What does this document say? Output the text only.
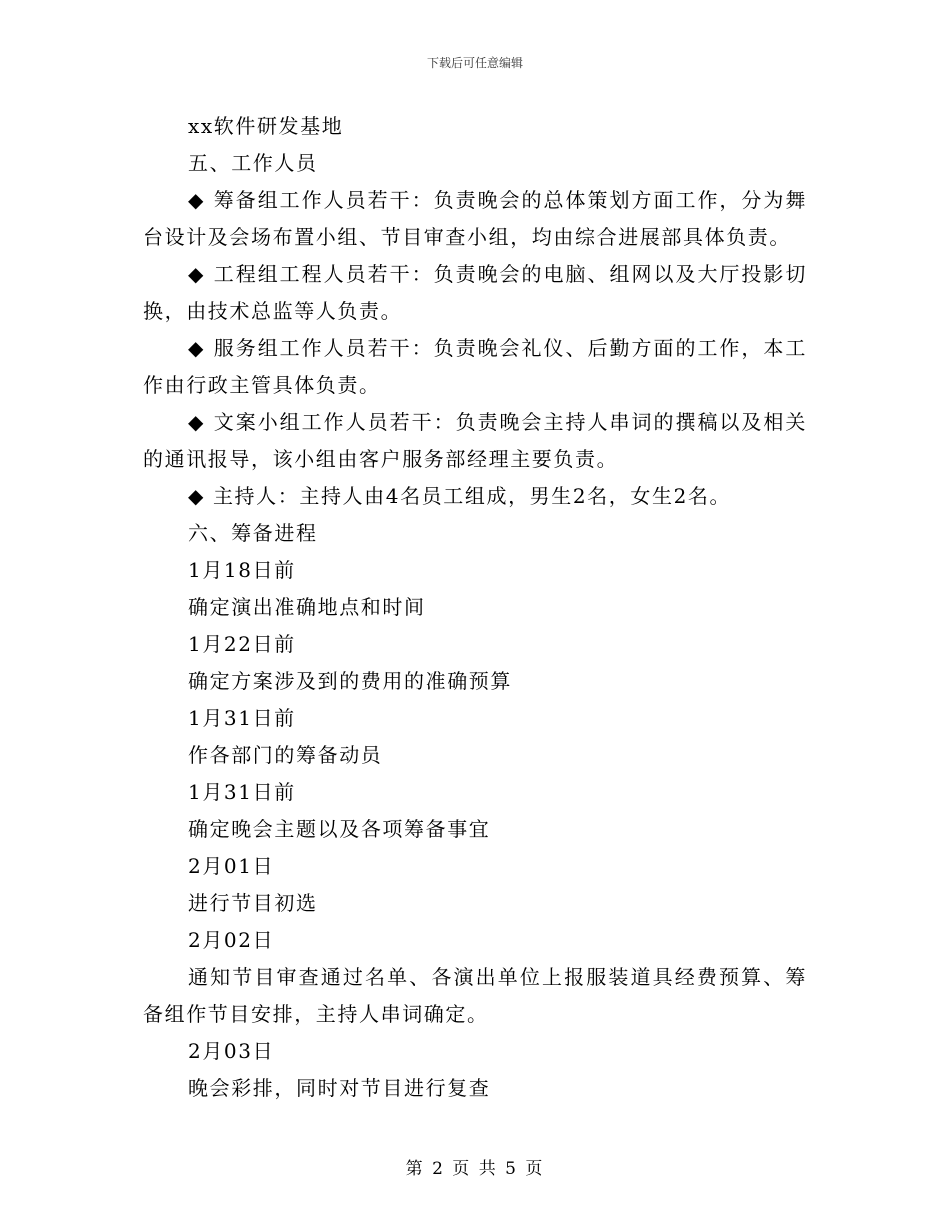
下载后可任意编辑

xx软件研发基地

五、工作人员

◆ 筹备组工作人员若干：负责晚会的总体策划方面工作，分为舞台设计及会场布置小组、节目审查小组，均由综合进展部具体负责。

◆ 工程组工程人员若干：负责晚会的电脑、组网以及大厅投影切换，由技术总监等人负责。

◆ 服务组工作人员若干：负责晚会礼仪、后勤方面的工作，本工作由行政主管具体负责。

◆ 文案小组工作人员若干：负责晚会主持人串词的撰稿以及相关的通讯报导，该小组由客户服务部经理主要负责。

◆ 主持人：主持人由4名员工组成，男生2名，女生2名。

六、筹备进程

1月18日前

确定演出准确地点和时间

1月22日前

确定方案涉及到的费用的准确预算

1月31日前

作各部门的筹备动员

1月31日前

确定晚会主题以及各项筹备事宜

2月01日

进行节目初选

2月02日

通知节目审查通过名单、各演出单位上报服装道具经费预算、筹备组作节目安排，主持人串词确定。

2月03日

晚会彩排，同时对节目进行复查

第 2 页 共 5 页
